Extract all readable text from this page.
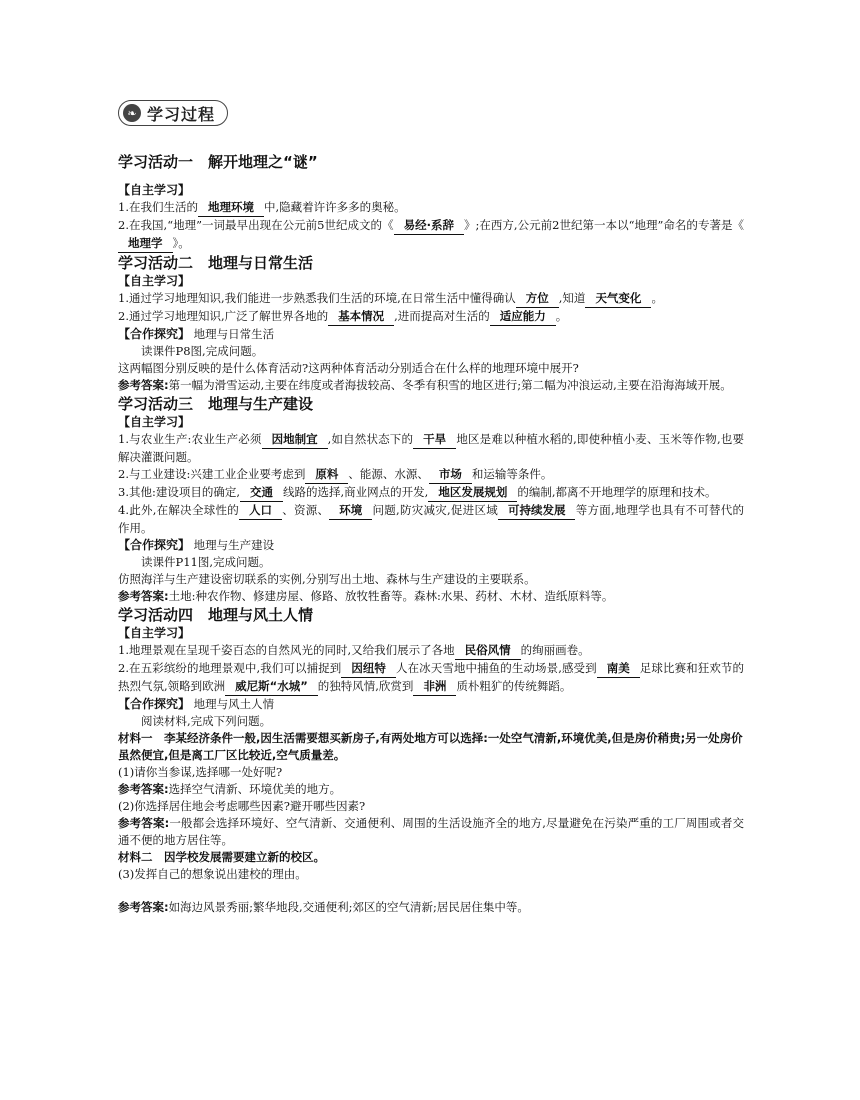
❧ 学习过程

学习活动一　解开地理之“谜”

【自主学习】

1.在我们生活的 地理环境 中,隐藏着许许多多的奥秘。

2.在我国,“地理”一词最早出现在公元前5世纪成文的《 易经·系辞 》;在西方,公元前2世纪第一本以“地理”命名的专著是《地理学 》。

学习活动二　地理与日常生活

【自主学习】

1.通过学习地理知识,我们能进一步熟悉我们生活的环境,在日常生活中懂得确认 方位 ,知道 天气变化 。

2.通过学习地理知识,广泛了解世界各地的 基本情况 ,进而提高对生活的 适应能力 。

【合作探究】 地理与日常生活

读课件P8图,完成问题。

这两幅图分别反映的是什么体育活动?这两种体育活动分别适合在什么样的地理环境中展开?

参考答案:第一幅为滑雪运动,主要在纬度或者海拔较高、冬季有积雪的地区进行;第二幅为冲浪运动,主要在沿海海域开展。

学习活动三　地理与生产建设

【自主学习】

1.与农业生产:农业生产必须 因地制宜 ,如自然状态下的 干旱 地区是难以种植水稻的,即使种植小麦、玉米等作物,也要解决灌溉问题。

2.与工业建设:兴建工业企业要考虑到 原料 、能源、水源、 市场 和运输等条件。

3.其他:建设项目的确定, 交通 线路的选择,商业网点的开发, 地区发展规划 的编制,都离不开地理学的原理和技术。

4.此外,在解决全球性的 人口 、资源、 环境 问题,防灾减灾,促进区域 可持续发展 等方面,地理学也具有不可替代的作用。

【合作探究】 地理与生产建设

读课件P11图,完成问题。

仿照海洋与生产建设密切联系的实例,分别写出土地、森林与生产建设的主要联系。

参考答案:土地:种农作物、修建房屋、修路、放牧牲畜等。森林:水果、药材、木材、造纸原料等。

学习活动四　地理与风土人情

【自主学习】

1.地理景观在呈现千姿百态的自然风光的同时,又给我们展示了各地 民俗风情 的绚丽画卷。

2.在五彩缤纷的地理景观中,我们可以捕捉到 因纽特 人在冰天雪地中捕鱼的生动场景,感受到 南美 足球比赛和狂欢节的热烈气氛,领略到欧洲 威尼斯“水城” 的独特风情,欣赏到 非洲 质朴粗犷的传统舞蹈。

【合作探究】 地理与风土人情

阅读材料,完成下列问题。

材料一　李某经济条件一般,因生活需要想买新房子,有两处地方可以选择:一处空气清新,环境优美,但是房价稍贵;另一处房价虽然便宜,但是离工厂区比较近,空气质量差。

(1)请你当参谋,选择哪一处好呢?

参考答案:选择空气清新、环境优美的地方。

(2)你选择居住地会考虑哪些因素?避开哪些因素?

参考答案:一般都会选择环境好、空气清新、交通便利、周围的生活设施齐全的地方,尽量避免在污染严重的工厂周围或者交通不便的地方居住等。

材料二　因学校发展需要建立新的校区。

(3)发挥自己的想象说出建校的理由。

参考答案:如海边风景秀丽;繁华地段,交通便利;郊区的空气清新;居民居住集中等。
